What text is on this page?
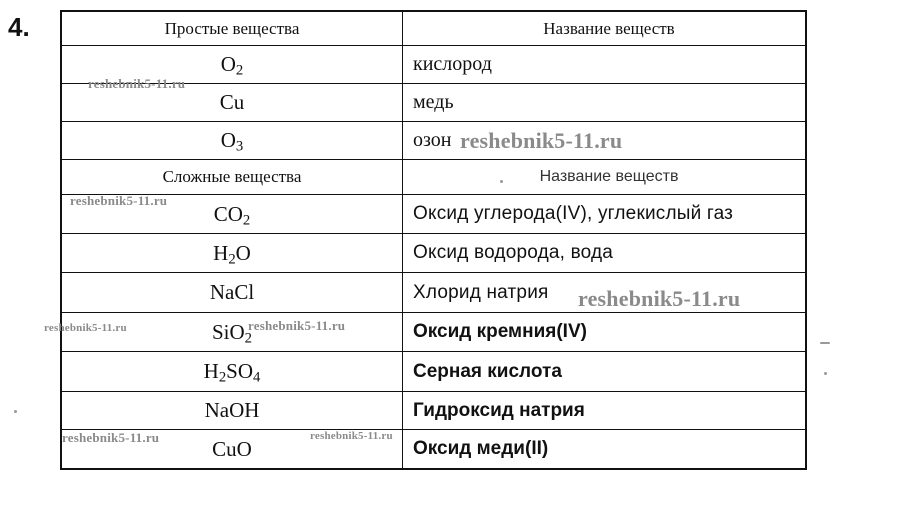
4.	Простые вещества	Название веществ
$O_2$	кислород
Cu	медь
$O_3$	озон
Сложные вещества	Название веществ
$CO_2$	Оксид углерода(IV), углекислый газ
$H_2O$	Оксид водорода, вода
NaCl	Хлорид натрия
SiO$_2$	Оксид кремния(IV)
$H_2SO_4$	Серная кислота
NaOH	Гидроксид натрия
CuO	Оксид меди(II)
reshebnik5-11.ru
reshebnik5-11.ru
reshebnik5-11.ru
reshebnik5-11.ru
reshebnik5-11.ru	reshebnik5-11.ru
reshebnik5-11.ru	reshebnik5-11.ru
